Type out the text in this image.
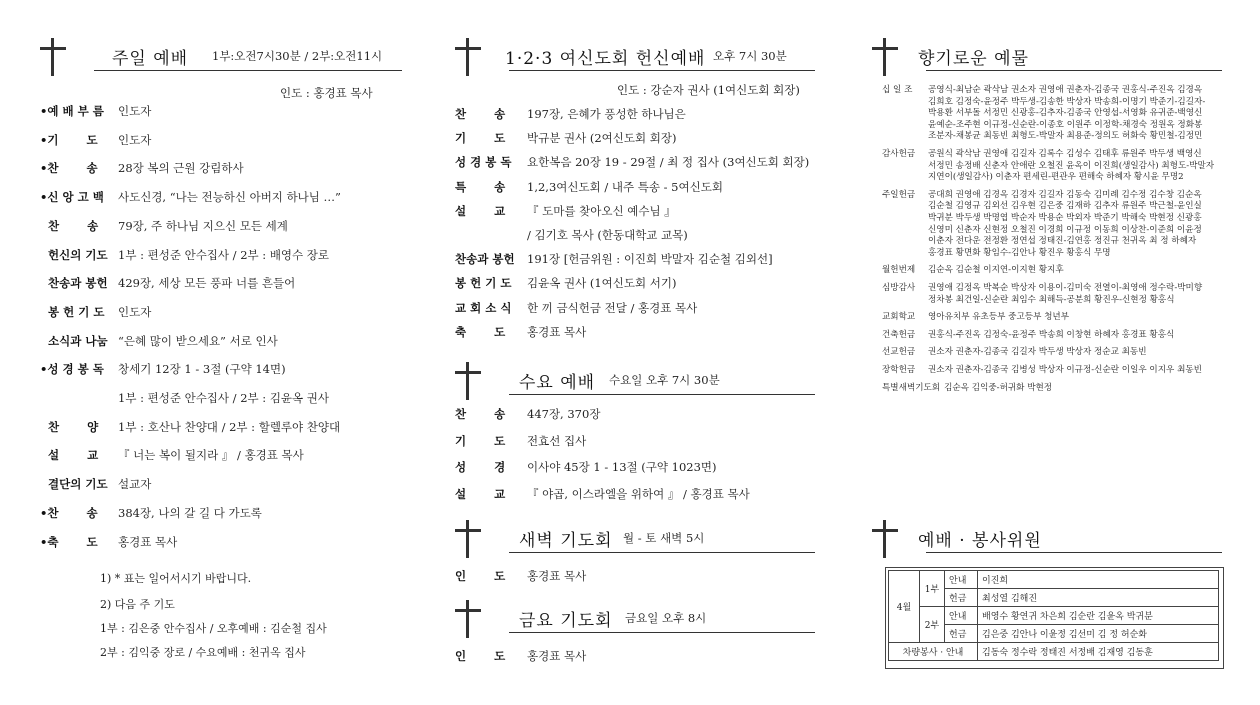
주일 예배 1부:오전7시30분 / 2부:오전11시
인도 : 홍경표 목사
•예 배 부 름 인도자
•기       도 인도자
•찬       송 28장 복의 근원 강림하사
•신 앙 고 백 사도신경, “나는 전능하신 아버지 하나님 …”
찬       송 79장, 주 하나님 지으신 모든 세계
헌신의 기도 1부 : 편성준 안수집사 / 2부 : 배영수 장로
찬송과 봉헌 429장, 세상 모든 풍파 너를 흔들어
봉 헌 기 도 인도자
소식과 나눔 “은혜 많이 받으세요” 서로 인사
•성 경 봉 독 창세기 12장 1 - 3절 (구약 14면)
1부 : 편성준 안수집사 / 2부 : 김윤옥 권사
찬       양 1부 : 호산나 찬양대 / 2부 : 할렐루야 찬양대
설       교 『 너는 복이 될지라 』 / 홍경표 목사
결단의 기도 설교자
•찬       송 384장, 나의 갈 길 다 가도록
•축       도 홍경표 목사
1) * 표는 일어서시기 바랍니다.
2) 다음 주 기도
1부 : 김은중 안수집사 / 오후예배 : 김순철 집사
2부 : 김익중 장로 / 수요예배 : 천귀옥 집사
1·2·3 여신도회 헌신예배 오후 7시 30분
인도 : 강순자 권사 (1여신도회 회장)
찬       송 197장, 은혜가 풍성한 하나님은
기       도 박규분 권사 (2여신도회 회장)
성 경 봉 독 요한복음 20장 19 - 29절 / 최 정 집사 (3여신도회 회장)
특       송 1,2,3여신도회 / 내주 특송 - 5여신도회
설       교 『 도마를 찾아오신 예수님 』
/ 김기호 목사 (한동대학교 교목)
찬송과 봉헌 191장 [헌금위원 : 이진희 박말자 김순철 김외선]
봉 헌 기 도 김윤옥 권사 (1여신도회 서기)
교 회 소 식 한 끼 금식헌금 전달 / 홍경표 목사
축       도 홍경표 목사
수요 예배 수요일 오후 7시 30분
찬       송 447장, 370장
기       도 전효선 집사
성       경 이사야 45장 1 - 13절 (구약 1023면)
설       교 『 야곱, 이스라엘을 위하여 』 / 홍경표 목사
새벽 기도회 월 - 토 새벽 5시
인       도 홍경표 목사
금요 기도회 금요일 오후 8시
인       도 홍경표 목사
향기로운 예물
십 일 조 공영식-최남순 곽삭남 권소자 권영애 권춘자-김종국 권홍식-주진옥 김경옥
김희호 김정숙-윤정주 박두생-김송한 박상자 박송희-이명기 박준기-김길자-
박용환 서부돌 서정민 신광홍-김추자-김종국 안영섭-서영화 유귀준-백영신
윤예순-조주현 이규정-신순란-이종호 이원주 이정학-채경숙 정원옥 정화봉
조분자-채봉균 최동빈 최형도-박말자 최용준-정의도 허화숙 황민철-김정민
감사헌금 공원식 곽삭남 권영애 김길자 김록수 김성수 김태후 류원주 박두생 백영신
서정민 송정배 신춘자 안애란 오철진 윤옥이 이진희(생일감사) 최형도-박말자
지연이(생일감사) 이춘자 편세린-편관우 편해숙 하혜자 황시윤 무명2
주일헌금 공대희 권영애 김경옥 김경자 김길자 김동숙 김미례 김수정 김수창 김순옥
김순철 김영규 김외선 김우현 김은중 김재하 김추자 류원주 박근철-윤인실
박귀분 박두생 박명엽 박순자 박용순 박외자 박준기 박해숙 박현정 신광홍
신영미 신춘자 신현정 오철진 이경희 이규정 이동희 이상찬-이준희 이윤정
이춘자 전다운 전정환 정연섭 정태진-김연홍 정진규 천귀옥 최 정 하혜자
홍경표 황면화 황임수-김안나 황진우 황홍식 무명
월헌번제 김순옥 김순철 이지연-이지현 황지후
심방감사 권영애 김정옥 박복순 박상자 이용이-김미숙 전열이-최영애 정수락-박미향
정차봉 최건일-신순란 최임수 최해득-공분희 황진우-신현정 황홍식
교회학교 영아유치부 유초등부 중고등부 청년부
건축헌금 권홍식-주진옥 김정숙-윤정주 박송희 이창현 하혜자 홍경표 황홍식
선교헌금 권소자 권춘자-김종국 김길자 박두생 박상자 정순교 최동빈
장학헌금 권소자 권춘자-김종국 김병성 박상자 이규정-신순란 이일우 이지우 최동빈
특별새벽기도회 김순옥 김익중-허귀화 박현정
예배 · 봉사위원
4월	1부	안내	이진희
		헌금	최성열 김해진
	2부	안내	배영수 황연귀 차은희 김순란 김윤옥 박귀분
		헌금	김은중 김안나 이윤정 김선미 김 정 허순화
차량봉사 · 안내			김동숙 정수락 정태진 서정배 김재영 김동훈
